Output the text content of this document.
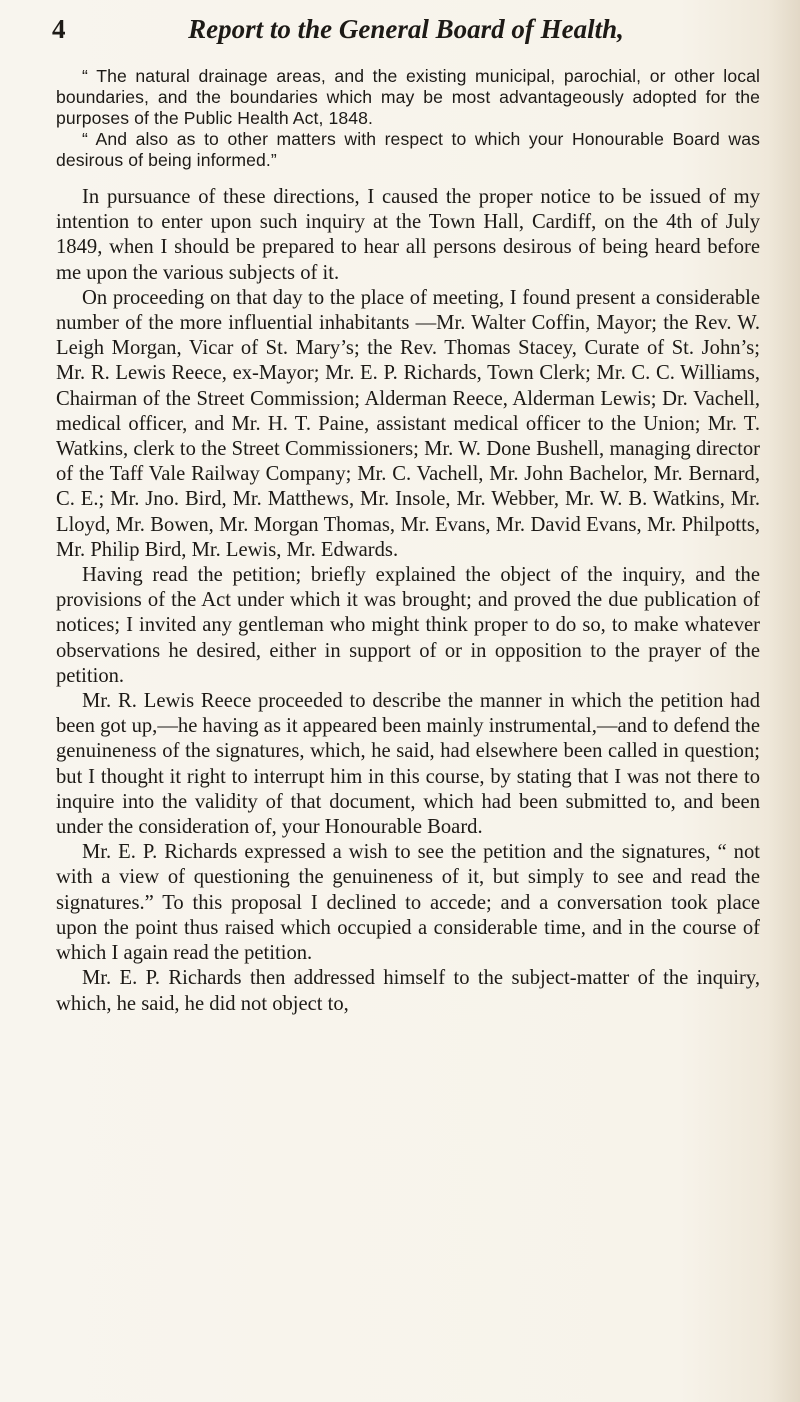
4	Report to the General Board of Health,

“ The natural drainage areas, and the existing municipal, parochial, or other local boundaries, and the boundaries which may be most advantageously adopted for the purposes of the Public Health Act, 1848.

“ And also as to other matters with respect to which your Honourable Board was desirous of being informed.”

In pursuance of these directions, I caused the proper notice to be issued of my intention to enter upon such inquiry at the Town Hall, Cardiff, on the 4th of July 1849, when I should be prepared to hear all persons desirous of being heard before me upon the various subjects of it.

On proceeding on that day to the place of meeting, I found present a considerable number of the more influential inhabitants —Mr. Walter Coffin, Mayor; the Rev. W. Leigh Morgan, Vicar of St. Mary’s; the Rev. Thomas Stacey, Curate of St. John’s; Mr. R. Lewis Reece, ex-Mayor; Mr. E. P. Richards, Town Clerk; Mr. C. C. Williams, Chairman of the Street Commission; Alderman Reece, Alderman Lewis; Dr. Vachell, medical officer, and Mr. H. T. Paine, assistant medical officer to the Union; Mr. T. Watkins, clerk to the Street Commissioners; Mr. W. Done Bushell, managing director of the Taff Vale Railway Company; Mr. C. Vachell, Mr. John Bachelor, Mr. Bernard, C. E.; Mr. Jno. Bird, Mr. Matthews, Mr. Insole, Mr. Webber, Mr. W. B. Watkins, Mr. Lloyd, Mr. Bowen, Mr. Morgan Thomas, Mr. Evans, Mr. David Evans, Mr. Philpotts, Mr. Philip Bird, Mr. Lewis, Mr. Edwards.

Having read the petition; briefly explained the object of the inquiry, and the provisions of the Act under which it was brought; and proved the due publication of notices; I invited any gentleman who might think proper to do so, to make whatever observations he desired, either in support of or in opposition to the prayer of the petition.

Mr. R. Lewis Reece proceeded to describe the manner in which the petition had been got up,—he having as it appeared been mainly instrumental,—and to defend the genuineness of the signatures, which, he said, had elsewhere been called in question; but I thought it right to interrupt him in this course, by stating that I was not there to inquire into the validity of that document, which had been submitted to, and been under the consideration of, your Honourable Board.

Mr. E. P. Richards expressed a wish to see the petition and the signatures, “ not with a view of questioning the genuineness of it, but simply to see and read the signatures.” To this proposal I declined to accede; and a conversation took place upon the point thus raised which occupied a considerable time, and in the course of which I again read the petition.

Mr. E. P. Richards then addressed himself to the subject-matter of the inquiry, which, he said, he did not object to,
